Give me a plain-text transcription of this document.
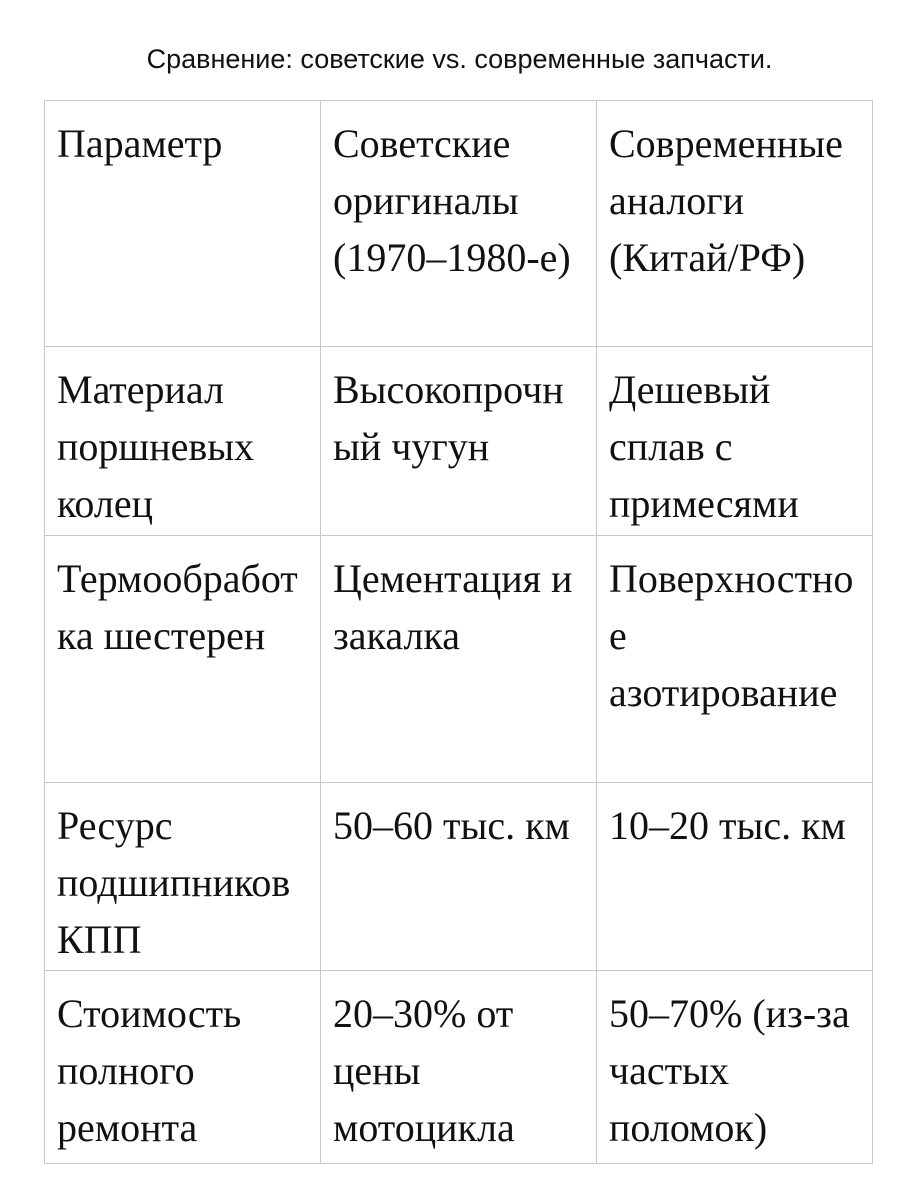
Сравнение: советские vs. современные запчасти.
Параметр	Советские оригиналы (1970–1980-е)	Современные аналоги (Китай/РФ)
Материал поршневых колец	Высокопрочный чугун	Дешевый сплав с примесями
Термообработка шестерен	Цементация и закалка	Поверхностное азотирование
Ресурс подшипников КПП	50–60 тыс. км	10–20 тыс. км
Стоимость полного ремонта	20–30% от цены мотоцикла	50–70% (из-за частых поломок)
